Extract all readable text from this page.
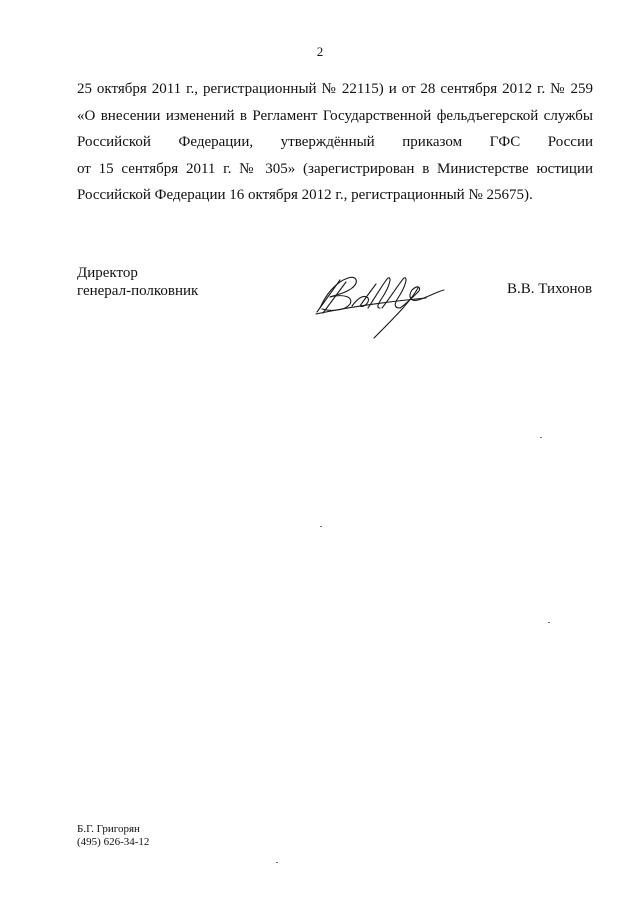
2
25 октября 2011 г., регистрационный № 22115) и от 28 сентября 2012 г. № 259
«О внесении изменений в Регламент Государственной фельдъегерской службы
Российской Федерации, утверждённый приказом ГФС России
от 15 сентября 2011 г. № 305» (зарегистрирован в Министерстве юстиции
Российской Федерации 16 октября 2012 г., регистрационный № 25675).
Директор
генерал-полковник	В.В. Тихонов
Б.Г. Григорян
(495) 626-34-12
